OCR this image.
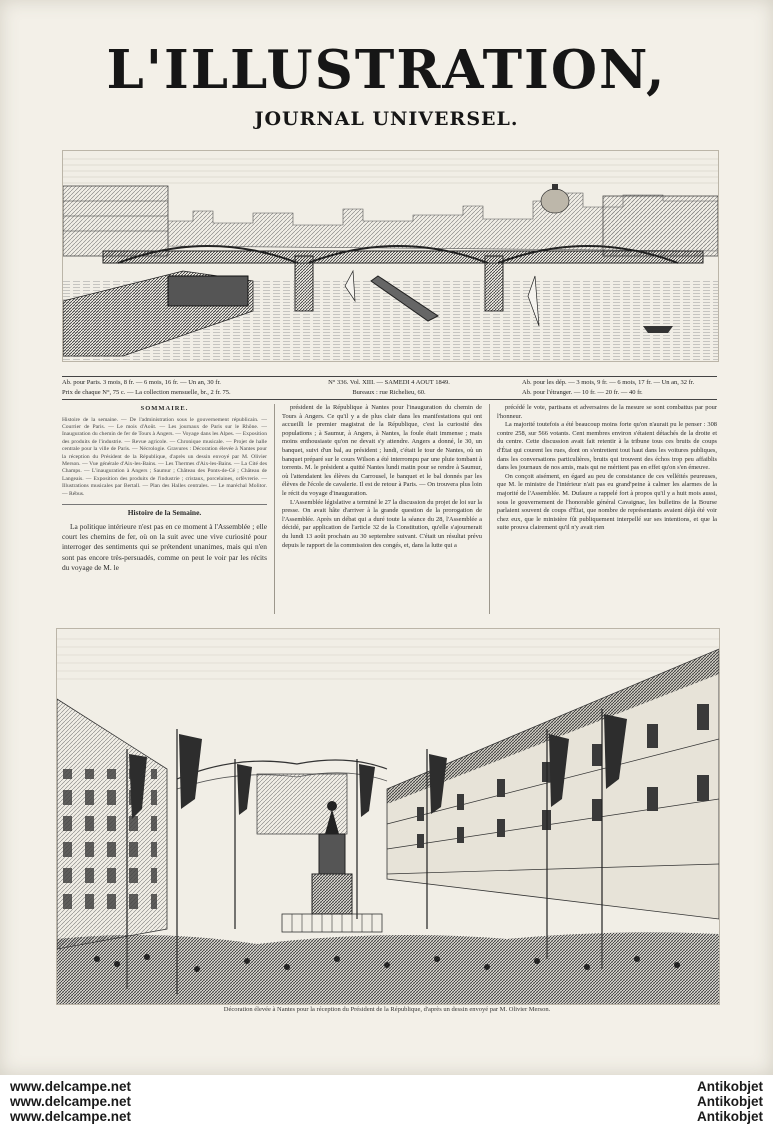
L'ILLUSTRATION,
JOURNAL UNIVERSEL.
Ab. pour Paris. 3 mois, 8 fr. — 6 mois, 16 fr. — Un an, 30 fr.
Prix de chaque N°, 75 c. — La collection mensuelle, br., 2 fr. 75.
N° 336. Vol. XIII. — SAMEDI 4 AOUT 1849.
Bureaux : rue Richelieu, 60.
Ab. pour les dép. — 3 mois, 9 fr. — 6 mois, 17 fr. — Un an, 32 fr.
Ab. pour l'étranger. — 10 fr. — 20 fr. — 40 fr.
SOMMAIRE.
Histoire de la semaine. — De l'administration sous le gouvernement républicain. — Courrier de Paris. — Le mois d'Août. — Les journaux de Paris sur le Rhône. — Inauguration du chemin de fer de Tours à Angers. — Voyage dans les Alpes. — Exposition des produits de l'industrie. — Revue agricole. — Chronique musicale. — Projet de halle centrale pour la ville de Paris. — Nécrologie. Gravures : Décoration élevée à Nantes pour la réception du Président de la République, d'après un dessin envoyé par M. Olivier Merson. — Vue générale d'Aix-les-Bains. — Les Thermes d'Aix-les-Bains. — La Cité des Champs. — L'inauguration à Angers ; Saumur ; Château des Ponts-de-Cé ; Château de Langeais. — Exposition des produits de l'industrie ; cristaux, porcelaines, orfèvrerie. — Illustrations musicales par Bertall. — Plan des Halles centrales. — Le maréchal Molitor. — Rébus.
Histoire de la Semaine.

La politique intérieure n'est pas en ce moment à l'Assemblée ; elle court les chemins de fer, où on la suit avec une vive curiosité pour interroger des sentiments qui se prétendent unanimes, mais qui n'en sont pas encore très-persuadés, comme on peut le voir par les récits du voyage de M. le

président de la République à Nantes pour l'inauguration du chemin de Tours à Angers. Ce qu'il y a de plus clair dans les manifestations qui ont accueilli le premier magistrat de la République, c'est la curiosité des populations ; à Saumur, à Angers, à Nantes, la foule était immense ; mais moins enthousiaste qu'on ne devait s'y attendre. Angers a donné, le 30, un banquet, suivi d'un bal, au président ; lundi, c'était le tour de Nantes, où un banquet préparé sur le cours Wilson a été interrompu par une pluie tombant à torrents. M. le président a quitté Nantes lundi matin pour se rendre à Saumur, où l'attendaient les élèves du Carrousel, le banquet et le bal donnés par les élèves de l'école de cavalerie. Il est de retour à Paris. — On trouvera plus loin le récit du voyage d'inauguration.

L'Assemblée législative a terminé le 27 la discussion du projet de loi sur la presse. On avait hâte d'arriver à la grande question de la prorogation de l'Assemblée. Après un débat qui a duré toute la séance du 28, l'Assemblée a décidé, par application de l'article 32 de la Constitution, qu'elle s'ajournerait du lundi 13 août prochain au 30 septembre suivant. C'était un résultat prévu depuis le rapport de la commission des congés, et, dans la lutte qui a

précédé le vote, partisans et adversaires de la mesure se sont combattus par pour l'honneur.

La majorité toutefois a été beaucoup moins forte qu'on n'aurait pu le penser : 308 contre 258, sur 566 votants. Cent membres environ s'étaient détachés de la droite et du centre. Cette discussion avait fait retentir à la tribune tous ces bruits de coups d'État qui courent les rues, dont on s'entretient tout haut dans les voitures publiques, dans les conversations particulières, bruits qui trouvent des échos trop peu affaiblis dans les journaux de nos amis, mais qui ne méritent pas en effet qu'on s'en émeuve.

On conçoit aisément, en égard au peu de consistance de ces velléités peureuses, que M. le ministre de l'intérieur n'ait pas eu grand'peine à calmer les alarmes de la majorité de l'Assemblée. M. Dufaure a rappelé fort à propos qu'il y a huit mois aussi, sous le gouvernement de l'honorable général Cavaignac, les bulletins de la Bourse parlaient souvent de coups d'État, que nombre de représentants avaient déjà été voir chez eux, que le ministère fût publiquement interpellé sur ses intentions, et que la suite prouva clairement qu'il n'y avait rien

Décoration élevée à Nantes pour la réception du Président de la République, d'après un dessin envoyé par M. Olivier Merson.
www.delcampe.net
www.delcampe.net
www.delcampe.net
Antikobjet
Antikobjet
Antikobjet
